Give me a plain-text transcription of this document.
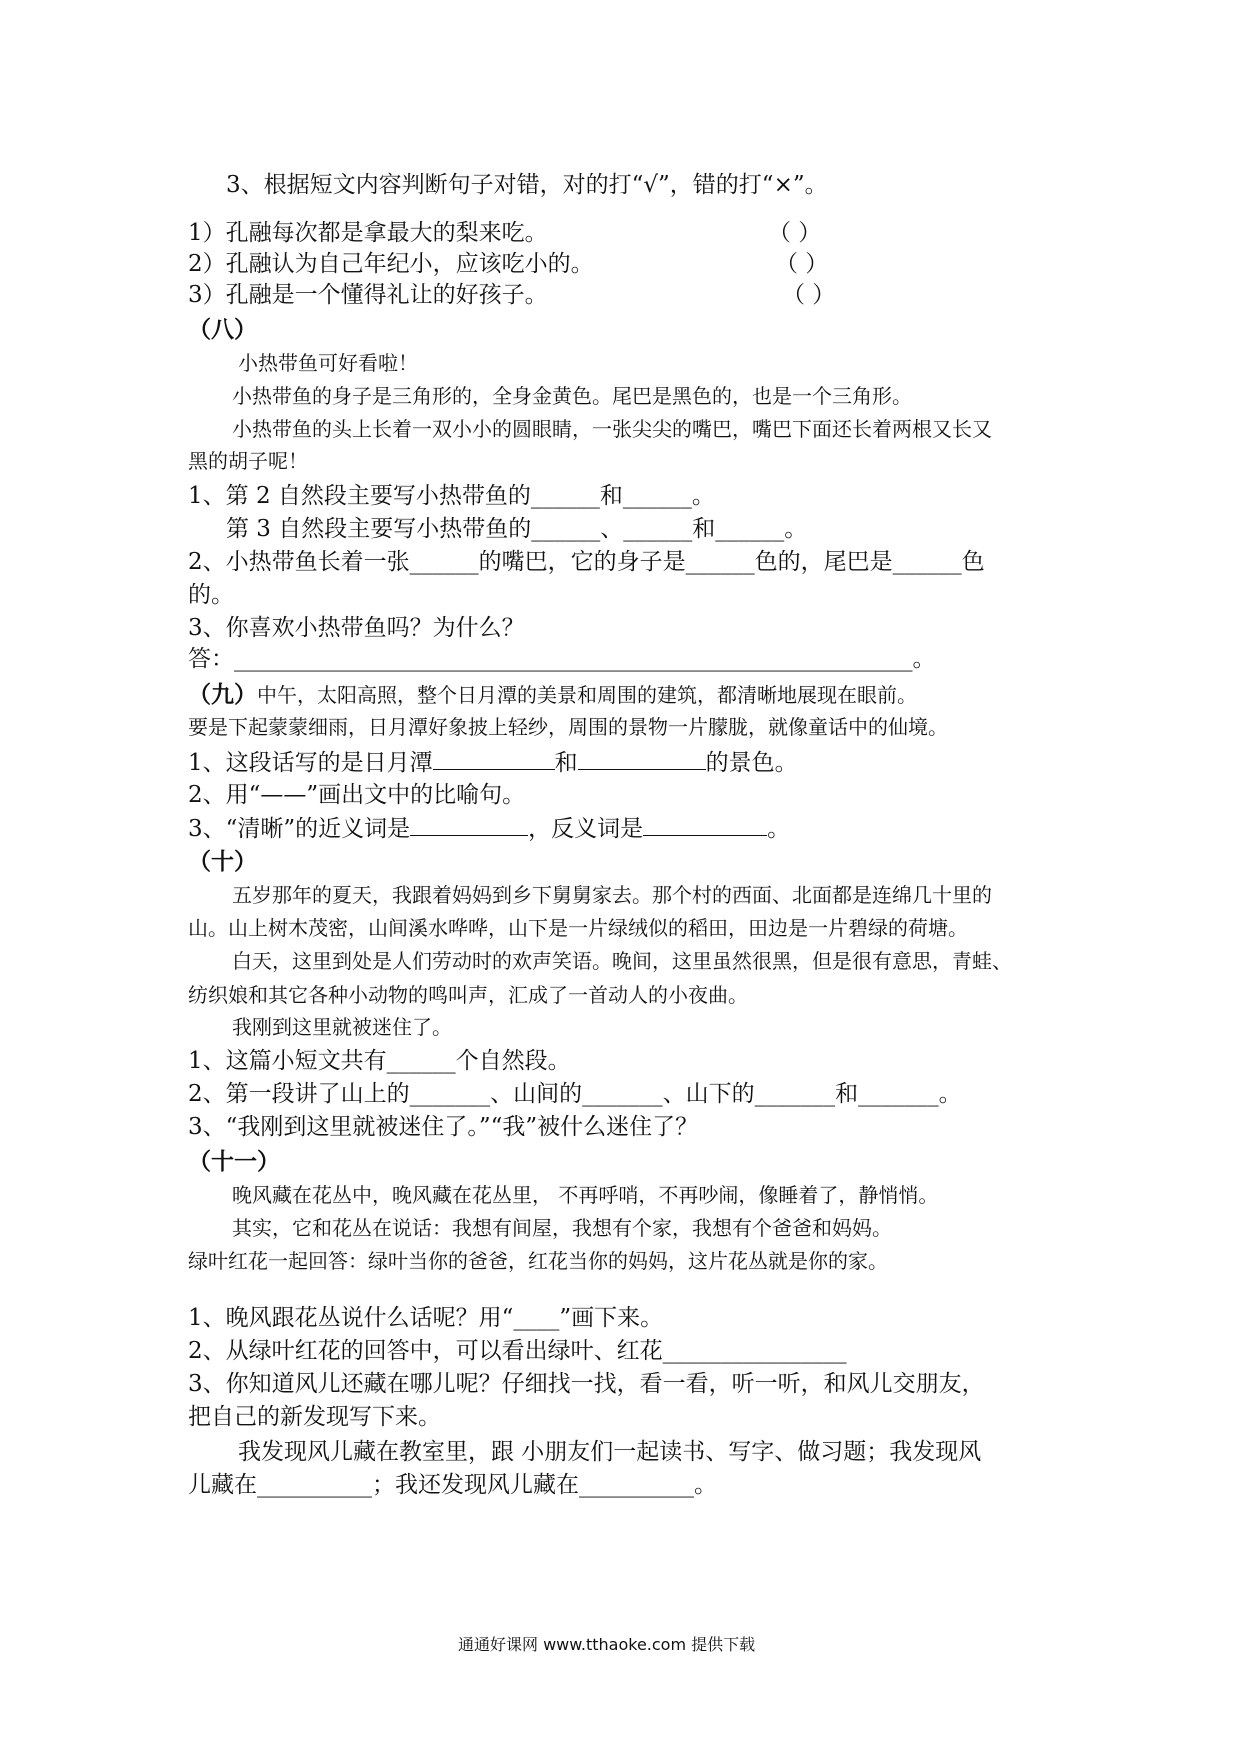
3、根据短文内容判断句子对错，对的打“√”，错的打“×”。
1）孔融每次都是拿最大的梨来吃。	（ ）
2）孔融认为自己年纪小，应该吃小的。	（ ）
3）孔融是一个懂得礼让的好孩子。	（ ）
（八）
小热带鱼可好看啦！
小热带鱼的身子是三角形的，全身金黄色。尾巴是黑色的，也是一个三角形。
小热带鱼的头上长着一双小小的圆眼睛，一张尖尖的嘴巴，嘴巴下面还长着两根又长又
黑的胡子呢！
1、第 2 自然段主要写小热带鱼的______和______。
第 3 自然段主要写小热带鱼的______、______和______。
2、小热带鱼长着一张______的嘴巴，它的身子是______色的，尾巴是______色
的。
3、你喜欢小热带鱼吗？为什么？
答：___________________________________________________________。
（九）中午，太阳高照，整个日月潭的美景和周围的建筑，都清晰地展现在眼前。
要是下起蒙蒙细雨，日月潭好象披上轻纱，周围的景物一片朦胧，就像童话中的仙境。
1、这段话写的是日月潭	和	的景色。
2、用“——”画出文中的比喻句。
3、“清晰”的近义词是	，反义词是	。
（十）
五岁那年的夏天，我跟着妈妈到乡下舅舅家去。那个村的西面、北面都是连绵几十里的
山。山上树木茂密，山间溪水哗哗，山下是一片绿绒似的稻田，田边是一片碧绿的荷塘。
白天，这里到处是人们劳动时的欢声笑语。晚间，这里虽然很黑，但是很有意思，青蛙、
纺织娘和其它各种小动物的鸣叫声，汇成了一首动人的小夜曲。
我刚到这里就被迷住了。
1、这篇小短文共有______个自然段。
2、第一段讲了山上的_______、山间的_______、山下的_______和_______。
3、“我刚到这里就被迷住了。”“我”被什么迷住了？
（十一）
晚风藏在花丛中，晚风藏在花丛里， 不再呼哨，不再吵闹，像睡着了，静悄悄。
其实，它和花丛在说话：我想有间屋，我想有个家，我想有个爸爸和妈妈。
绿叶红花一起回答：绿叶当你的爸爸，红花当你的妈妈，这片花丛就是你的家。
1、晚风跟花丛说什么话呢？用“____”画下来。
2、从绿叶红花的回答中，可以看出绿叶、红花________________
3、你知道风儿还藏在哪儿呢？仔细找一找，看一看，听一听，和风儿交朋友，
把自己的新发现写下来。
我发现风儿藏在教室里，跟 小朋友们一起读书、写字、做习题；我发现风
儿藏在__________；我还发现风儿藏在__________。
通通好课网 www.tthaoke.com 提供下载
